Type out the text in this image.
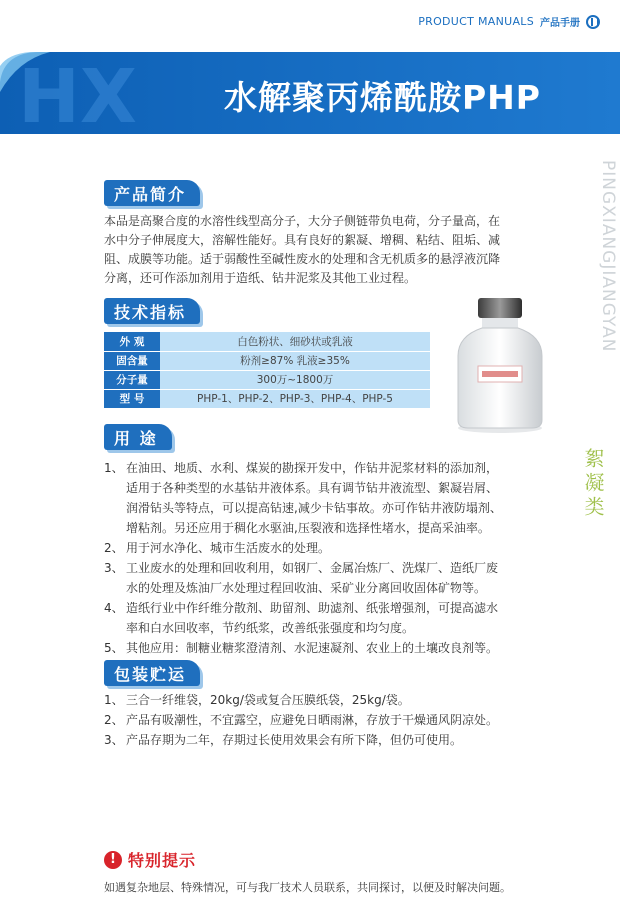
PRODUCT MANUALS 产品手册
HX	水解聚丙烯酰胺PHP
PINGXIANGJIANGYAN
絮凝类
产品简介
本品是高聚合度的水溶性线型高分子，大分子侧链带负电荷，分子量高，在
水中分子伸展度大，溶解性能好。具有良好的絮凝、增稠、粘结、阻垢、减
阻、成膜等功能。适于弱酸性至碱性废水的处理和含无机质多的悬浮液沉降
分离，还可作添加剂用于造纸、钻井泥浆及其他工业过程。
技术指标
外 观	白色粉状、细砂状或乳液
固含量	粉剂≥87% 乳液≥35%
分子量	300万~1800万
型 号	PHP-1、PHP-2、PHP-3、PHP-4、PHP-5
用 途
1、 在油田、地质、水利、煤炭的勘探开发中，作钻井泥浆材料的添加剂，
适用于各种类型的水基钻井液体系。具有调节钻井液流型、絮凝岩屑、
润滑钻头等特点，可以提高钻速,减少卡钻事故。亦可作钻井液防塌剂、
增粘剂。另还应用于稠化水驱油,压裂液和选择性堵水，提高采油率。
2、 用于河水净化、城市生活废水的处理。
3、 工业废水的处理和回收利用，如钢厂、金属冶炼厂、洗煤厂、造纸厂废
水的处理及炼油厂水处理过程回收油、采矿业分离回收固体矿物等。
4、 造纸行业中作纤维分散剂、助留剂、助滤剂、纸张增强剂，可提高滤水
率和白水回收率，节约纸浆，改善纸张强度和均匀度。
5、 其他应用：制糖业糖浆澄清剂、水泥速凝剂、农业上的土壤改良剂等。
包装贮运
1、 三合一纤维袋，20kg/袋或复合压膜纸袋，25kg/袋。
2、 产品有吸潮性，不宜露空，应避免日晒雨淋，存放于干燥通风阴凉处。
3、 产品存期为二年，存期过长使用效果会有所下降，但仍可使用。
! 特别提示
如遇复杂地层、特殊情况，可与我厂技术人员联系，共同探讨，以便及时解决问题。
